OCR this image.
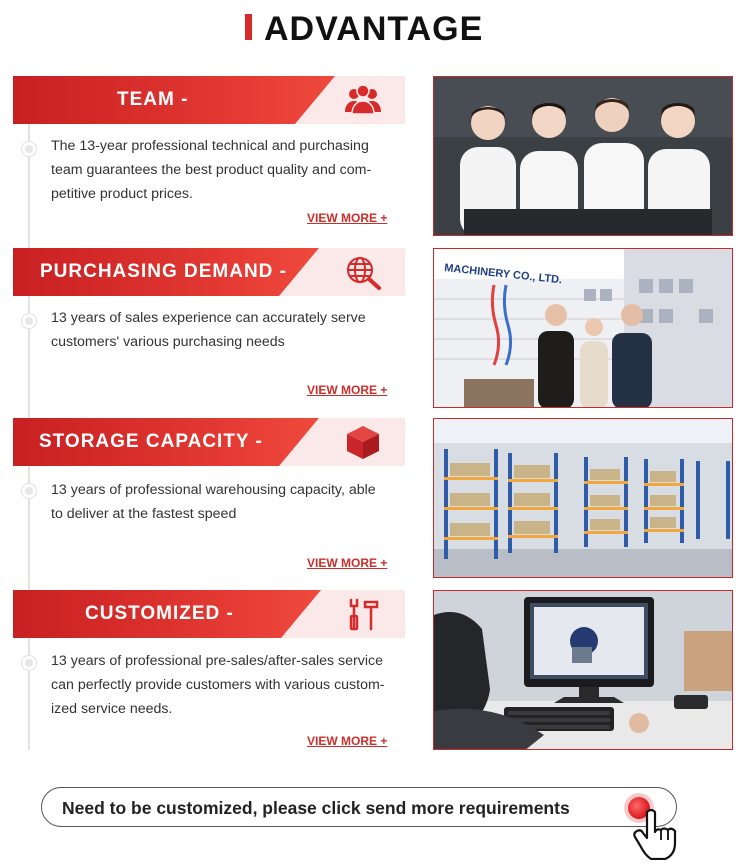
ADVANTAGE
TEAM -
The 13-year professional technical and purchasing
team guarantees the best product quality and com-
petitive product prices.
VIEW MORE +
PURCHASING DEMAND -
13 years of sales experience can accurately serve
customers' various purchasing needs
VIEW MORE +
MACHINERY CO., LTD.
STORAGE CAPACITY -
13 years of professional warehousing capacity, able
to deliver at the fastest speed
VIEW MORE +
CUSTOMIZED -
13 years of professional pre-sales/after-sales service
can perfectly provide customers with various custom-
ized service needs.
VIEW MORE +
Need to be customized, please click send more requirements
